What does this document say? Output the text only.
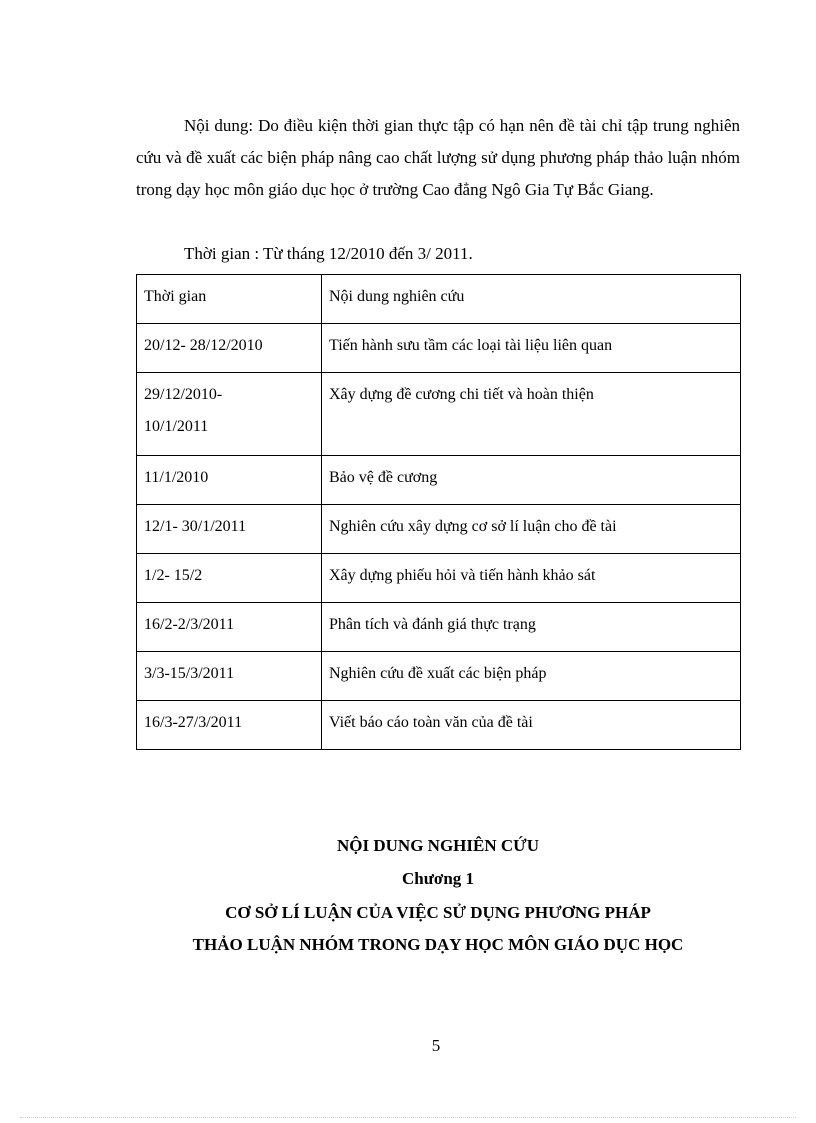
Nội dung: Do điều kiện thời gian thực tập có hạn nên đề tài chỉ tập trung nghiên cứu và đề xuất các biện pháp nâng cao chất lượng sử dụng phương pháp thảo luận nhóm trong dạy học môn giáo dục học ở trường Cao đẳng Ngô Gia Tự Bắc Giang.

Thời gian : Từ tháng 12/2010 đến 3/ 2011.

Thời gian	Nội dung nghiên cứu
20/12- 28/12/2010	Tiến hành sưu tầm các loại tài liệu liên quan
29/12/2010-
10/1/2011	Xây dựng đề cương chi tiết và hoàn thiện
11/1/2010	Bảo vệ đề cương
12/1- 30/1/2011	Nghiên cứu xây dựng cơ sở lí luận cho đề tài
1/2- 15/2	Xây dựng phiếu hỏi và tiến hành khảo sát
16/2-2/3/2011	Phân tích và đánh giá thực trạng
3/3-15/3/2011	Nghiên cứu đề xuất các biện pháp
16/3-27/3/2011	Viết báo cáo toàn văn của đề tài

NỘI DUNG NGHIÊN CỨU

Chương 1

CƠ SỞ LÍ LUẬN CỦA VIỆC SỬ DỤNG PHƯƠNG PHÁP

THẢO LUẬN NHÓM TRONG DẠY HỌC MÔN GIÁO DỤC HỌC

5
